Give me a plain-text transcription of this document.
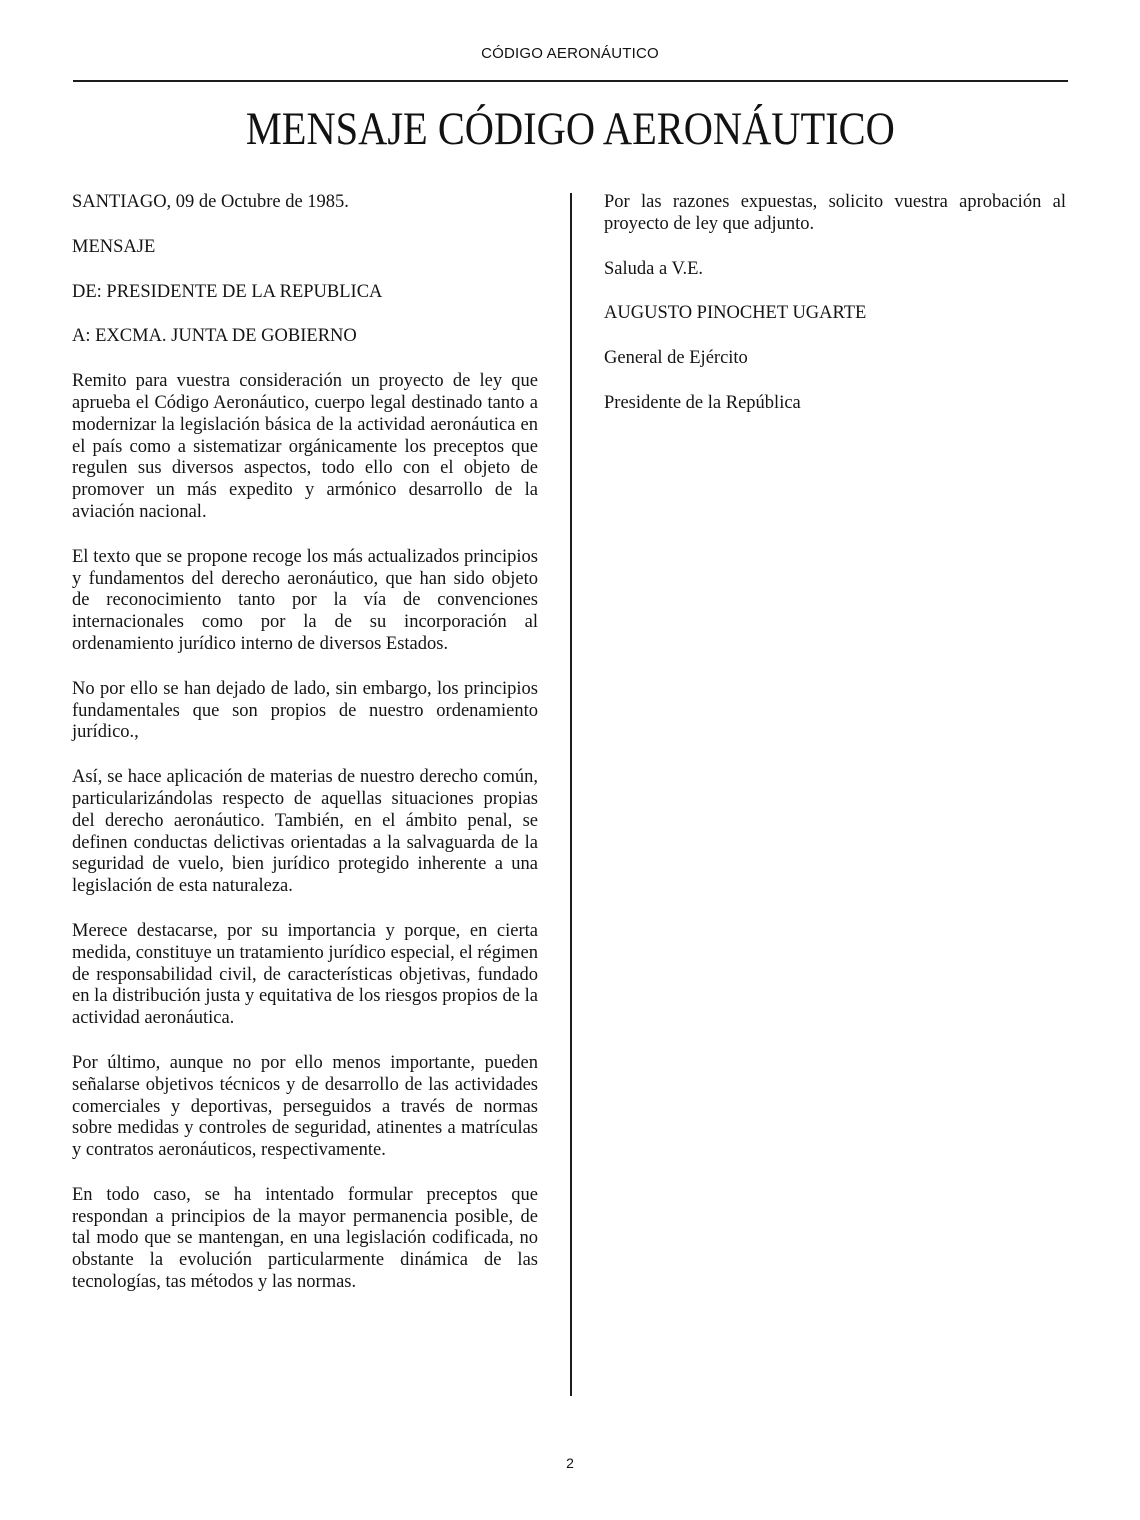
CÓDIGO AERONÁUTICO
MENSAJE CÓDIGO AERONÁUTICO

SANTIAGO, 09 de Octubre de 1985.

MENSAJE

DE: PRESIDENTE DE LA REPUBLICA

A: EXCMA. JUNTA DE GOBIERNO

Remito para vuestra consideración un proyecto de ley que aprueba el Código Aeronáutico, cuerpo legal destinado tanto a modernizar la legislación básica de la actividad aeronáutica en el país como a sistematizar orgánicamente los preceptos que regulen sus diversos aspectos, todo ello con el objeto de promover un más expedito y armónico desarrollo de la aviación nacional.

El texto que se propone recoge los más actualizados principios y fundamentos del derecho aeronáutico, que han sido objeto de reconocimiento tanto por la vía de convenciones internacionales como por la de su incorporación al ordenamiento jurídico interno de diversos Estados.

No por ello se han dejado de lado, sin embargo, los principios fundamentales que son propios de nuestro ordenamiento jurídico.,

Así, se hace aplicación de materias de nuestro derecho común, particularizándolas respecto de aquellas situaciones propias del derecho aeronáutico. También, en el ámbito penal, se definen conductas delictivas orientadas a la salvaguarda de la seguridad de vuelo, bien jurídico protegido inherente a una legislación de esta naturaleza.

Merece destacarse, por su importancia y porque, en cierta medida, constituye un tratamiento jurídico especial, el régimen de responsabilidad civil, de características objetivas, fundado en la distribución justa y equitativa de los riesgos propios de la actividad aeronáutica.

Por último, aunque no por ello menos importante, pueden señalarse objetivos técnicos y de desarrollo de las actividades comerciales y deportivas, perseguidos a través de normas sobre medidas y controles de seguridad, atinentes a matrículas y contratos aeronáuticos, respectivamente.

En todo caso, se ha intentado formular preceptos que respondan a principios de la mayor permanencia posible, de tal modo que se mantengan, en una legislación codificada, no obstante la evolución particularmente dinámica de las tecnologías, tas métodos y las normas.

Por las razones expuestas, solicito vuestra aprobación al proyecto de ley que adjunto.

Saluda a V.E.

AUGUSTO PINOCHET UGARTE

General de Ejército

Presidente de la República

2
